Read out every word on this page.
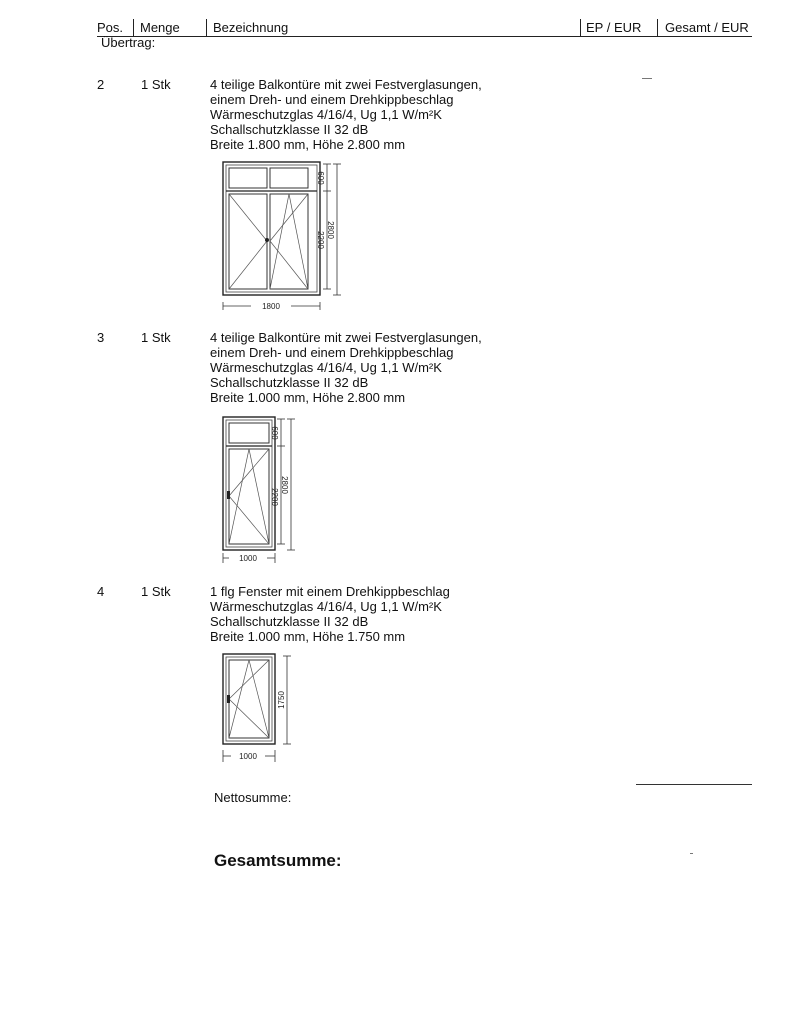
Pos. Menge	Bezeichnung	EP / EUR Gesamt / EUR
Übertrag:
2	1 Stk	4 teilige Balkontüre mit zwei Festverglasungen,
einem Dreh- und einem Drehkippbeschlag
Wärmeschutzglas 4/16/4, Ug 1,1 W/m²K
Schallschutzklasse II 32 dB
Breite 1.800 mm, Höhe 2.800 mm
600
2200
2800
1800
3	1 Stk	4 teilige Balkontüre mit zwei Festverglasungen,
einem Dreh- und einem Drehkippbeschlag
Wärmeschutzglas 4/16/4, Ug 1,1 W/m²K
Schallschutzklasse II 32 dB
Breite 1.000 mm, Höhe 2.800 mm
600
2200
2800
1000
4	1 Stk	1 flg Fenster mit einem Drehkippbeschlag
Wärmeschutzglas 4/16/4, Ug 1,1 W/m²K
Schallschutzklasse II 32 dB
Breite 1.000 mm, Höhe 1.750 mm
1750
1000
Nettosumme:
Gesamtsumme:
